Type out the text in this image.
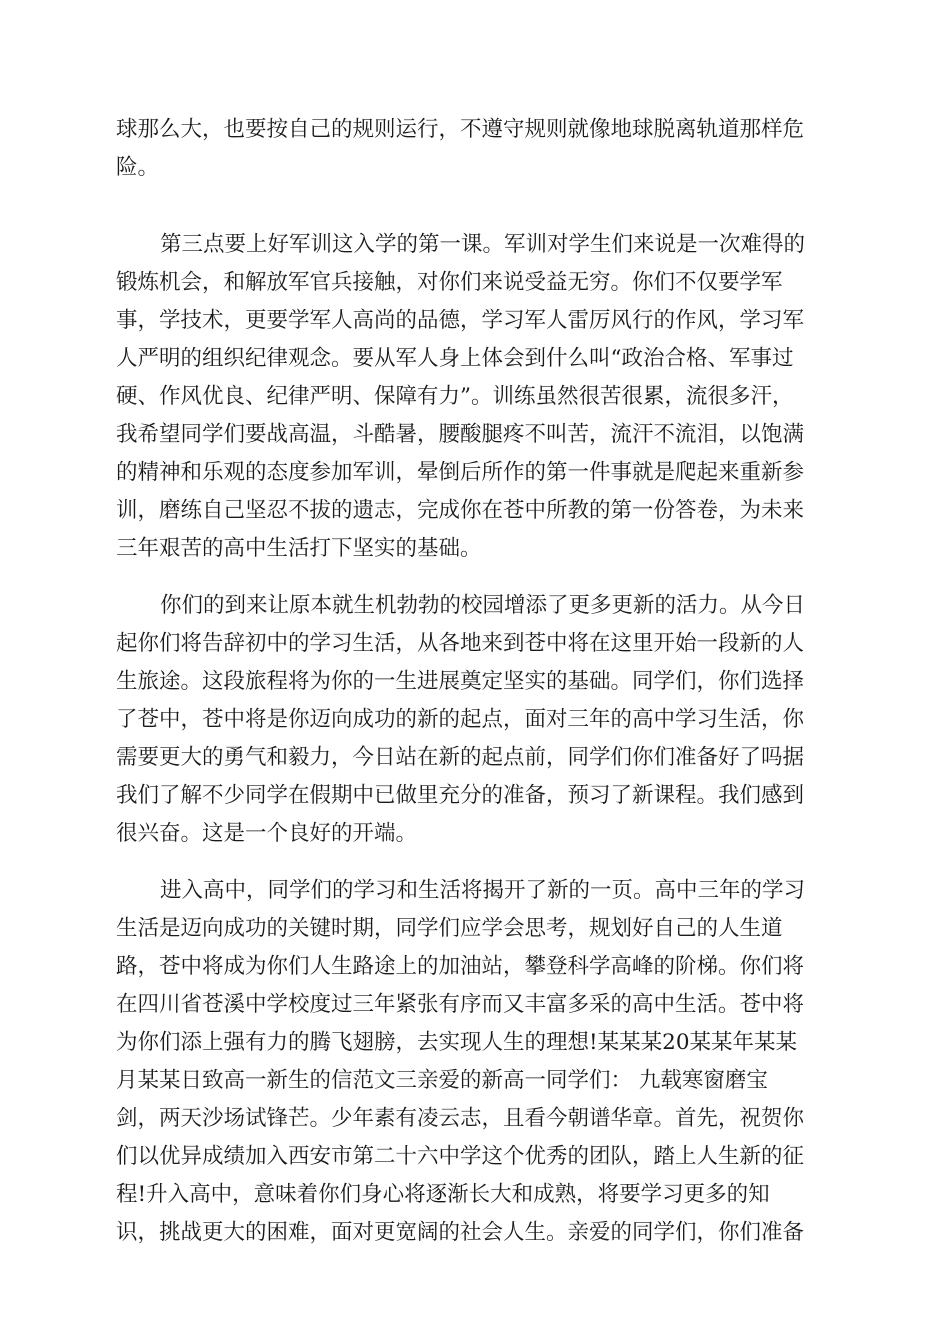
球那么大，也要按自己的规则运行，不遵守规则就像地球脱离轨道那样危
险。
第三点要上好军训这入学的第一课。军训对学生们来说是一次难得的
锻炼机会，和解放军官兵接触，对你们来说受益无穷。你们不仅要学军
事，学技术，更要学军人高尚的品德，学习军人雷厉风行的作风，学习军
人严明的组织纪律观念。要从军人身上体会到什么叫“政治合格、军事过
硬、作风优良、纪律严明、保障有力”。训练虽然很苦很累，流很多汗，
我希望同学们要战高温，斗酷暑，腰酸腿疼不叫苦，流汗不流泪，以饱满
的精神和乐观的态度参加军训，晕倒后所作的第一件事就是爬起来重新参
训，磨练自己坚忍不拔的遗志，完成你在苍中所教的第一份答卷，为未来
三年艰苦的高中生活打下坚实的基础。
你们的到来让原本就生机勃勃的校园增添了更多更新的活力。从今日
起你们将告辞初中的学习生活，从各地来到苍中将在这里开始一段新的人
生旅途。这段旅程将为你的一生进展奠定坚实的基础。同学们，你们选择
了苍中，苍中将是你迈向成功的新的起点，面对三年的高中学习生活，你
需要更大的勇气和毅力，今日站在新的起点前，同学们你们准备好了吗据
我们了解不少同学在假期中已做里充分的准备，预习了新课程。我们感到
很兴奋。这是一个良好的开端。
进入高中，同学们的学习和生活将揭开了新的一页。高中三年的学习
生活是迈向成功的关键时期，同学们应学会思考，规划好自己的人生道
路，苍中将成为你们人生路途上的加油站，攀登科学高峰的阶梯。你们将
在四川省苍溪中学校度过三年紧张有序而又丰富多采的高中生活。苍中将
为你们添上强有力的腾飞翅膀，去实现人生的理想!某某某20某某年某某
月某某日致高一新生的信范文三亲爱的新高一同学们： 九载寒窗磨宝
剑，两天沙场试锋芒。少年素有凌云志，且看今朝谱华章。首先，祝贺你
们以优异成绩加入西安市第二十六中学这个优秀的团队，踏上人生新的征
程!升入高中，意味着你们身心将逐渐长大和成熟，将要学习更多的知
识，挑战更大的困难，面对更宽阔的社会人生。亲爱的同学们，你们准备
